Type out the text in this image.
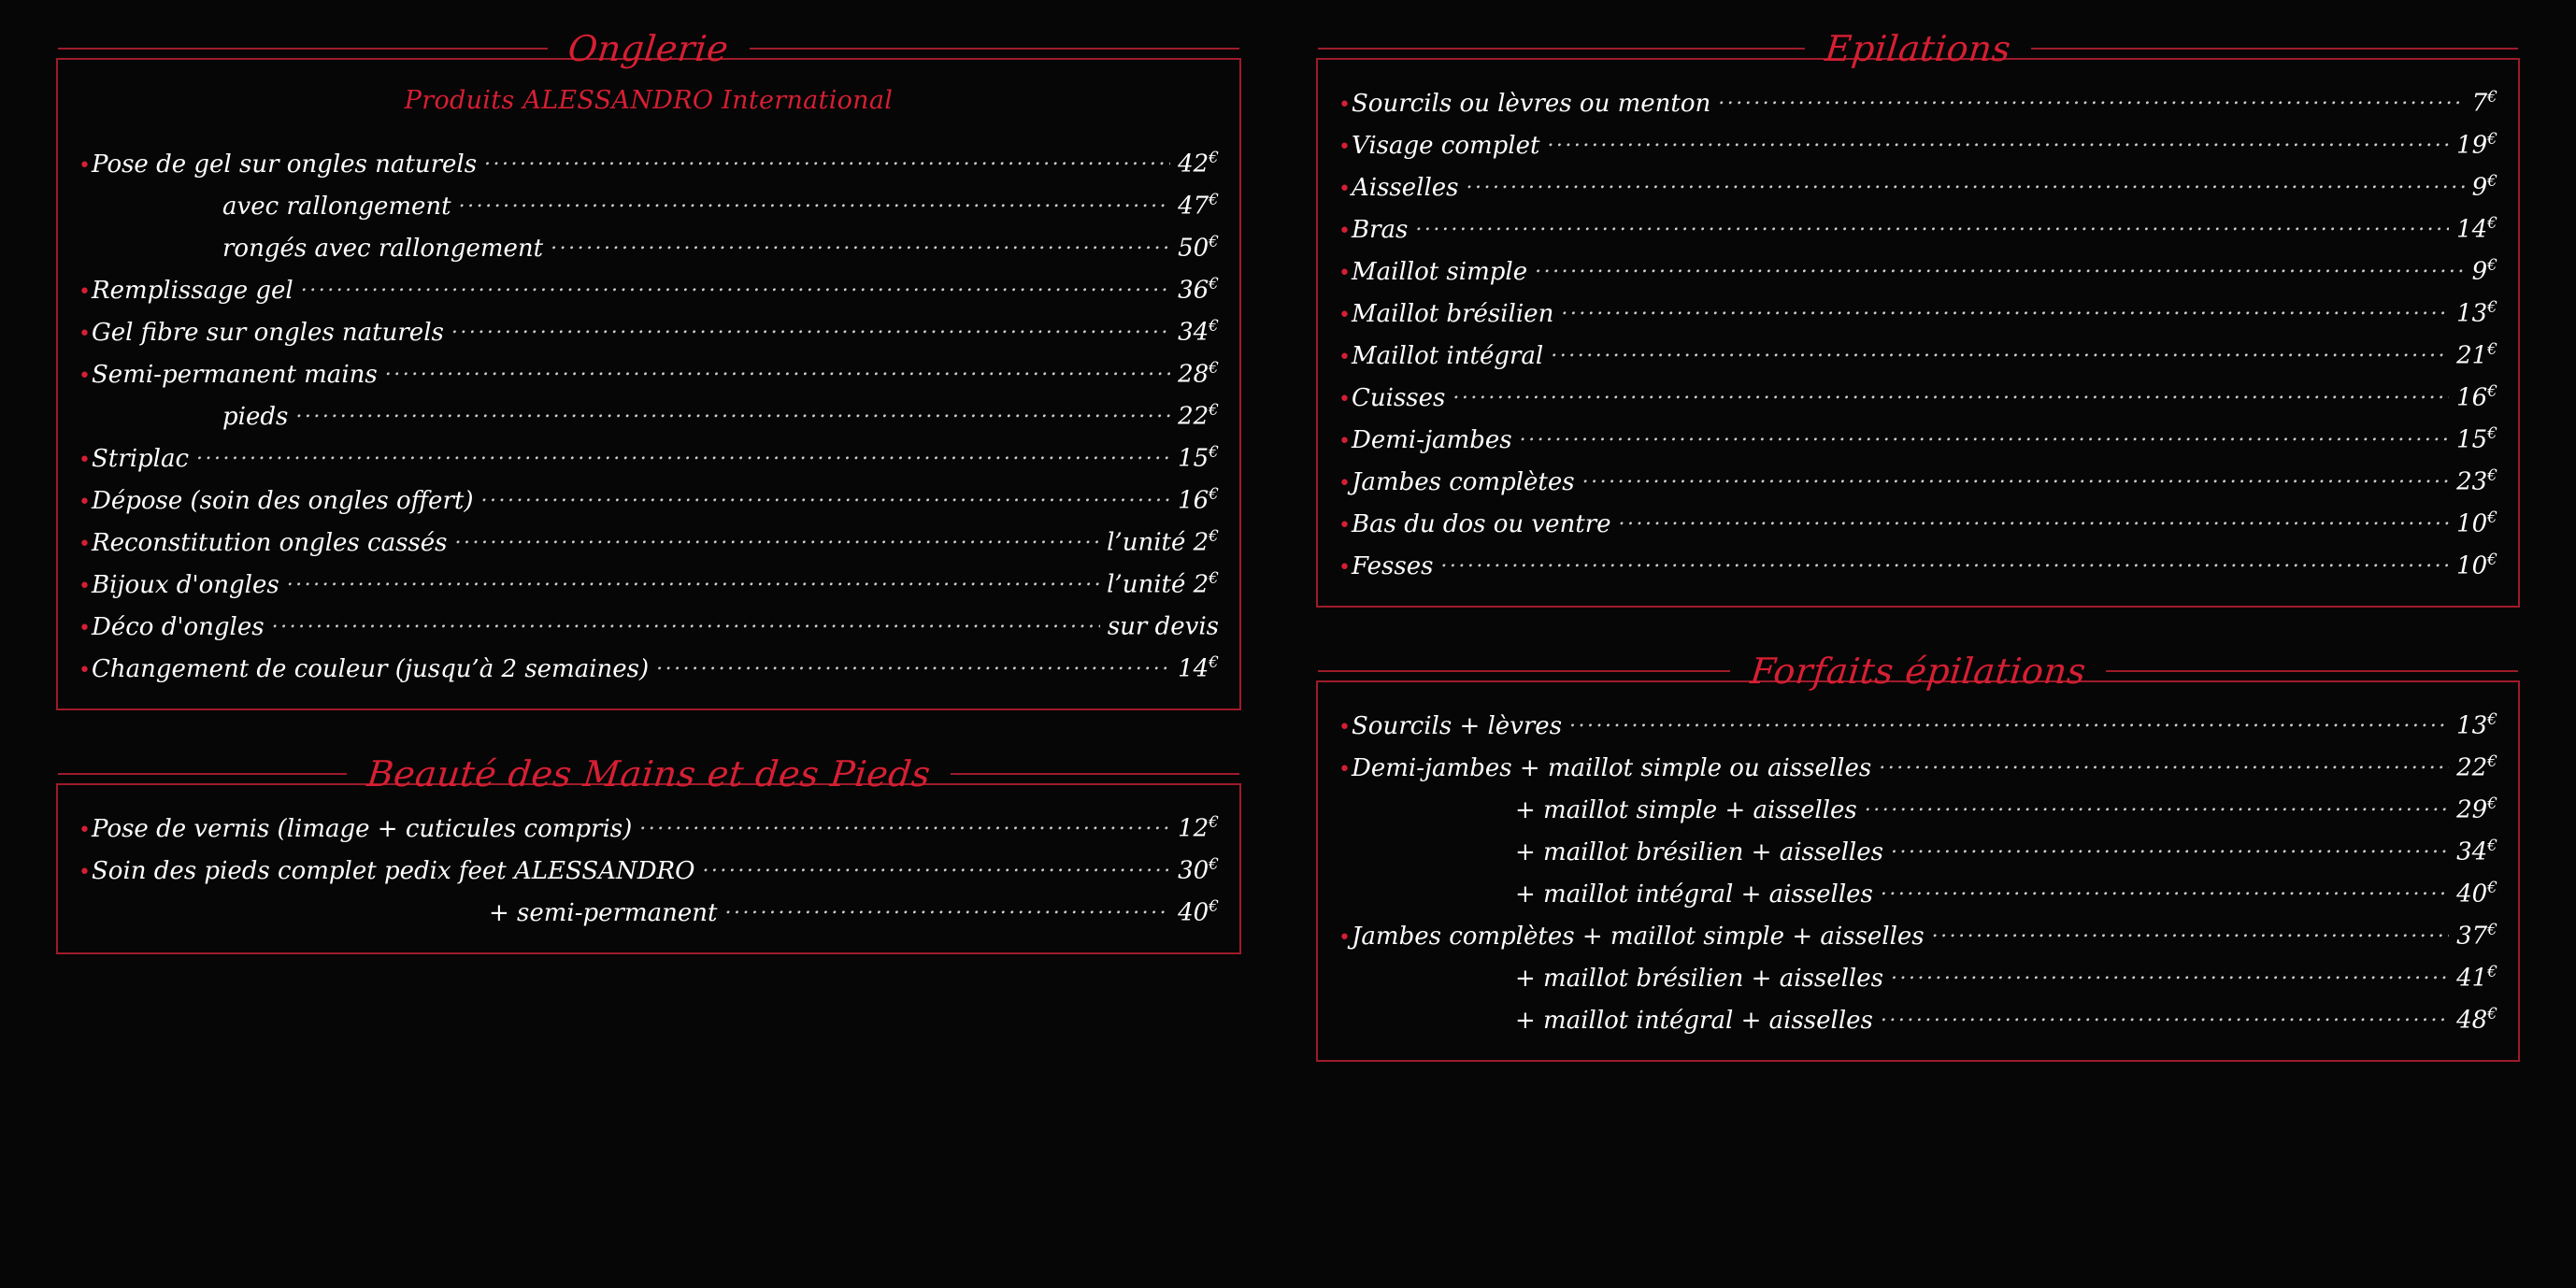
Onglerie
Produits ALESSANDRO International
• Pose de gel sur ongles naturels .....	42€
avec rallongement .....	47€
rongés avec rallongement .....	50€
• Remplissage gel .....	36€
• Gel fibre sur ongles naturels .....	34€
• Semi-permanent mains .....	28€
pieds .....	22€
• Striplac .....	15€
• Dépose (soin des ongles offert) .....	16€
• Reconstitution ongles cassés .....	l’unité 2€
• Bijoux d'ongles .....	l’unité 2€
• Déco d'ongles .....	sur devis
• Changement de couleur (jusqu’à 2 semaines) .....	14€
Beauté des Mains et des Pieds
• Pose de vernis (limage + cuticules compris) .....	12€
• Soin des pieds complet pedix feet ALESSANDRO .....	30€
+ semi-permanent .....	40€
Epilations
• Sourcils ou lèvres ou menton .....	7€
• Visage complet .....	19€
• Aisselles .....	9€
• Bras .....	14€
• Maillot simple .....	9€
• Maillot brésilien .....	13€
• Maillot intégral .....	21€
• Cuisses .....	16€
• Demi-jambes .....	15€
• Jambes complètes .....	23€
• Bas du dos ou ventre .....	10€
• Fesses .....	10€
Forfaits épilations
• Sourcils + lèvres .....	13€
• Demi-jambes + maillot simple ou aisselles .....	22€
+ maillot simple + aisselles .....	29€
+ maillot brésilien + aisselles .....	34€
+ maillot intégral + aisselles .....	40€
• Jambes complètes + maillot simple + aisselles .....	37€
+ maillot brésilien + aisselles .....	41€
+ maillot intégral + aisselles .....	48€
